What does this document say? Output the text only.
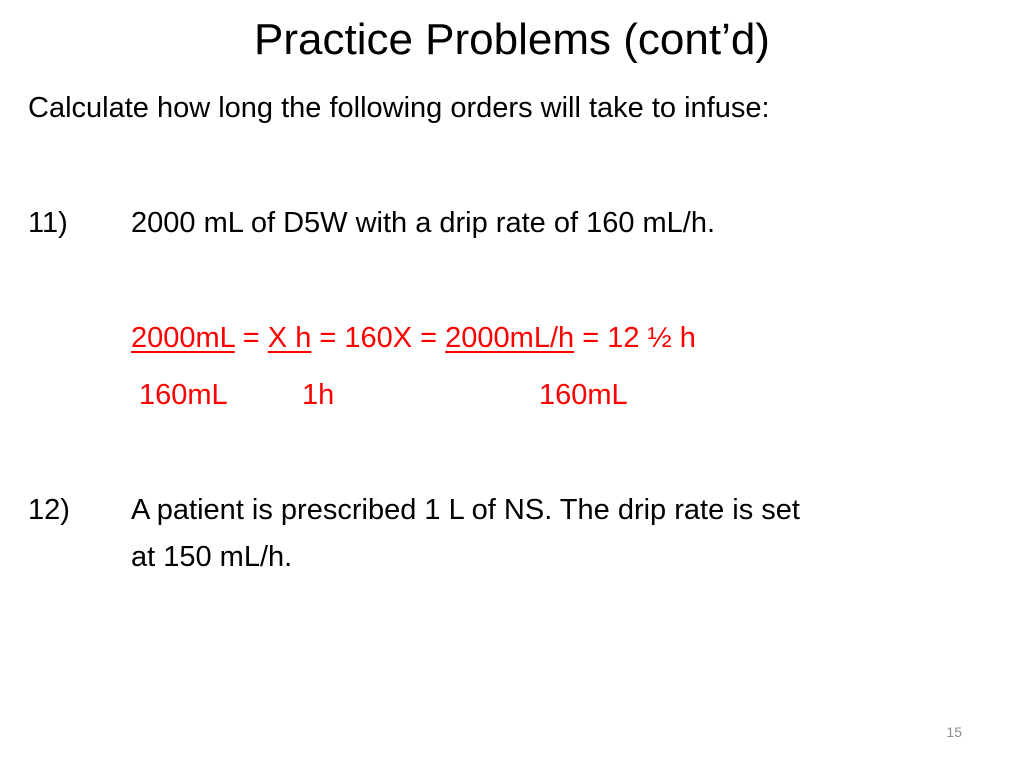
Practice Problems (cont’d)
Calculate how long the following orders will take to infuse:
11) 2000 mL of D5W with a drip rate of 160 mL/h.
2000mL = X h = 160X = 2000mL/h = 12 ½ h
160mL	1h	160mL
12) A patient is prescribed 1 L of NS. The drip rate is set
at 150 mL/h.
15
